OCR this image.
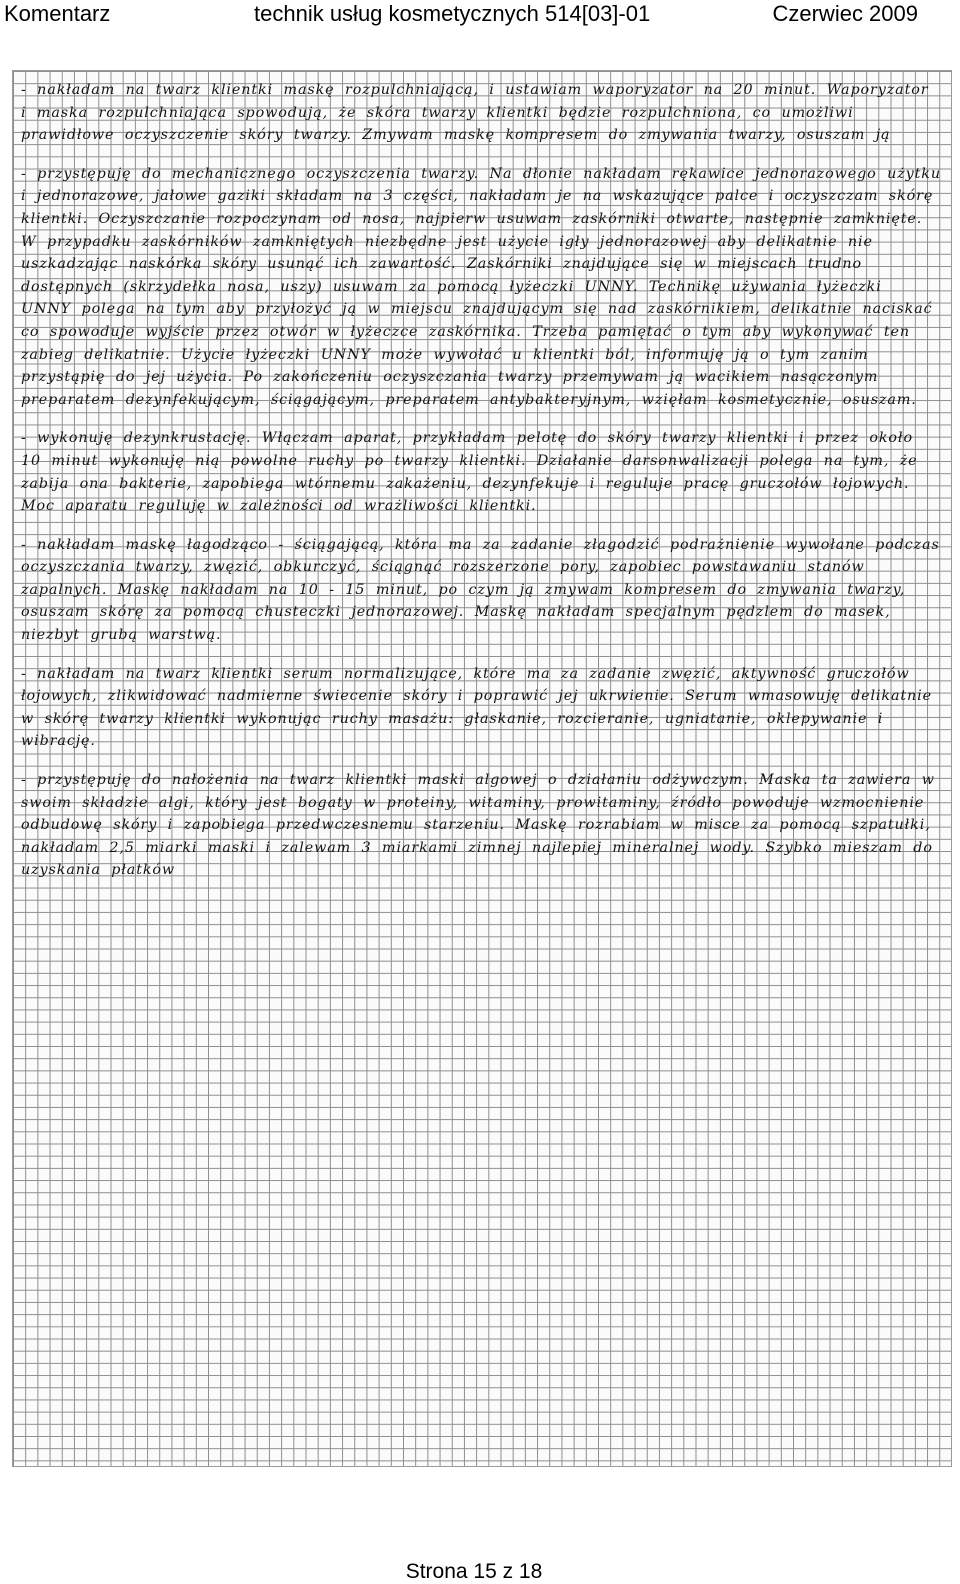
Komentarz	technik usług kosmetycznych 514[03]-01	Czerwiec 2009
- nakładam na twarz klientki maskę rozpulchniającą, i ustawiam waporyzator na 20 minut. Waporyzator i maska rozpulchniająca spowodują, że skóra twarzy klientki będzie rozpulchniona, co umożliwi prawidłowe oczyszczenie skóry twarzy. Zmywam maskę kompresem do zmywania twarzy, osuszam ją
- przystępuję do mechanicznego oczyszczenia twarzy. Na dłonie nakładam rękawice jednorazowego użytku i jednorazowe, jałowe gaziki składam na 3 części, nakładam je na wskazujące palce i oczyszczam skórę klientki. Oczyszczanie rozpoczynam od nosa, najpierw usuwam zaskórniki otwarte, następnie zamknięte. W przypadku zaskórników zamkniętych niezbędne jest użycie igły jednorazowej aby delikatnie nie uszkadzając naskórka skóry usunąć ich zawartość. Zaskórniki znajdujące się w miejscach trudno dostępnych (skrzydełka nosa, uszy) usuwam za pomocą łyżeczki UNNY. Technikę używania łyżeczki UNNY polega na tym aby przyłożyć ją w miejscu znajdującym się nad zaskórnikiem, delikatnie naciskać co spowoduje wyjście przez otwór w łyżeczce zaskórnika. Trzeba pamiętać o tym aby wykonywać ten zabieg delikatnie. Użycie łyżeczki UNNY może wywołać u klientki ból, informuję ją o tym zanim przystąpię do jej użycia. Po zakończeniu oczyszczania twarzy przemywam ją wacikiem nasączonym preparatem dezynfekującym, ściągającym, preparatem antybakteryjnym, wzięłam kosmetycznie, osuszam.
- wykonuję dezynkrustację. Włączam aparat, przykładam pelotę do skóry twarzy klientki i przez około 10 minut wykonuję nią powolne ruchy po twarzy klientki. Działanie darsonwalizacji polega na tym, że zabija ona bakterie, zapobiega wtórnemu zakażeniu, dezynfekuje i reguluje pracę gruczołów łojowych. Moc aparatu reguluję w zależności od wrażliwości klientki.
- nakładam maskę łagodząco - ściągającą, która ma za zadanie złagodzić podrażnienie wywołane podczas oczyszczania twarzy, zwęzić, obkurczyć, ściągnąć rozszerzone pory, zapobiec powstawaniu stanów zapalnych. Maskę nakładam na 10 - 15 minut, po czym ją zmywam kompresem do zmywania twarzy, osuszam skórę za pomocą chusteczki jednorazowej. Maskę nakładam specjalnym pędzlem do masek, niezbyt grubą warstwą.
- nakładam na twarz klientki serum normalizujące, które ma za zadanie zwęzić, aktywność gruczołów łojowych, zlikwidować nadmierne świecenie skóry i poprawić jej ukrwienie. Serum wmasowuję delikatnie w skórę twarzy klientki wykonując ruchy masażu: głaskanie, rozcieranie, ugniatanie, oklepywanie i wibrację.
- przystępuję do nałożenia na twarz klientki maski algowej o działaniu odżywczym. Maska ta zawiera w swoim składzie algi, który jest bogaty w proteiny, witaminy, prowitaminy, źródło powoduje wzmocnienie odbudowę skóry i zapobiega przedwczesnemu starzeniu. Maskę rozrabiam w misce za pomocą szpatułki, nakładam 2,5 miarki maski i zalewam 3 miarkami zimnej najlepiej mineralnej wody. Szybko mieszam do uzyskania płatków
Strona 15 z 18
